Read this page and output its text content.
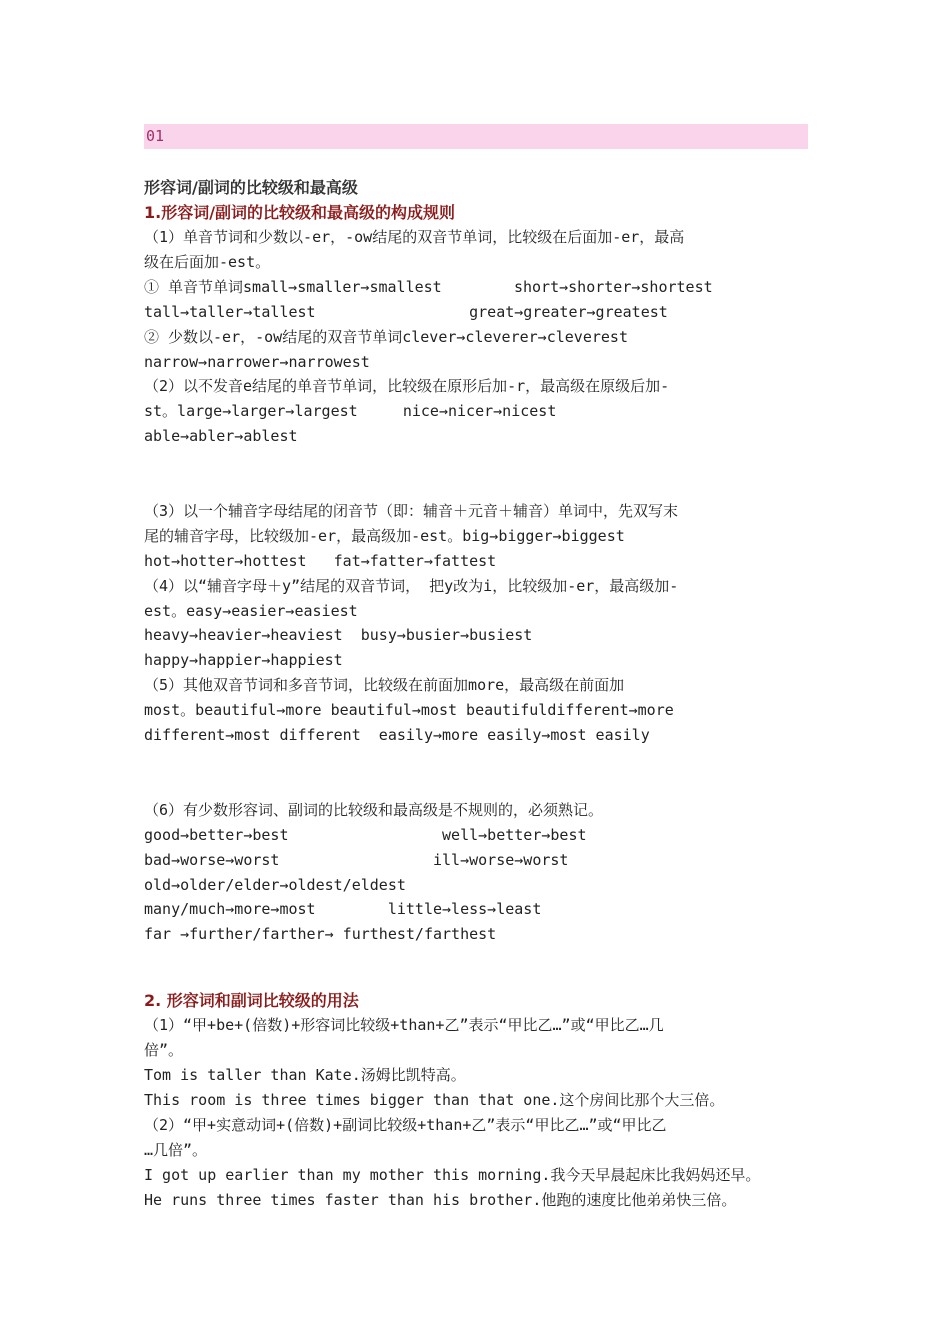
01
形容词/副词的比较级和最高级
1.形容词/副词的比较级和最高级的构成规则
（1）单音节词和少数以-er，-ow结尾的双音节单词，比较级在后面加-er，最高
级在后面加-est。
① 单音节单词small→smaller→smallest        short→shorter→shortest
tall→taller→tallest                 great→greater→greatest
② 少数以-er，-ow结尾的双音节单词clever→cleverer→cleverest
narrow→narrower→narrowest
（2）以不发音e结尾的单音节单词，比较级在原形后加-r，最高级在原级后加-
st。large→larger→largest     nice→nicer→nicest
able→abler→ablest
（3）以一个辅音字母结尾的闭音节（即：辅音＋元音＋辅音）单词中，先双写末
尾的辅音字母，比较级加-er，最高级加-est。big→bigger→biggest
hot→hotter→hottest   fat→fatter→fattest
（4）以“辅音字母＋y”结尾的双音节词， 把y改为i，比较级加-er，最高级加-
est。easy→easier→easiest
heavy→heavier→heaviest  busy→busier→busiest
happy→happier→happiest
（5）其他双音节词和多音节词，比较级在前面加more，最高级在前面加
most。beautiful→more beautiful→most beautifuldifferent→more
different→most different  easily→more easily→most easily
（6）有少数形容词、副词的比较级和最高级是不规则的，必须熟记。
good→better→best                 well→better→best
bad→worse→worst                 ill→worse→worst
old→older/elder→oldest/eldest
many/much→more→most        little→less→least
far →further/farther→ furthest/farthest
2. 形容词和副词比较级的用法
（1）“甲+be+(倍数)+形容词比较级+than+乙”表示“甲比乙…”或“甲比乙…几
倍”。
Tom is taller than Kate.汤姆比凯特高。
This room is three times bigger than that one.这个房间比那个大三倍。
（2）“甲+实意动词+(倍数)+副词比较级+than+乙”表示“甲比乙…”或“甲比乙
…几倍”。
I got up earlier than my mother this morning.我今天早晨起床比我妈妈还早。
He runs three times faster than his brother.他跑的速度比他弟弟快三倍。
